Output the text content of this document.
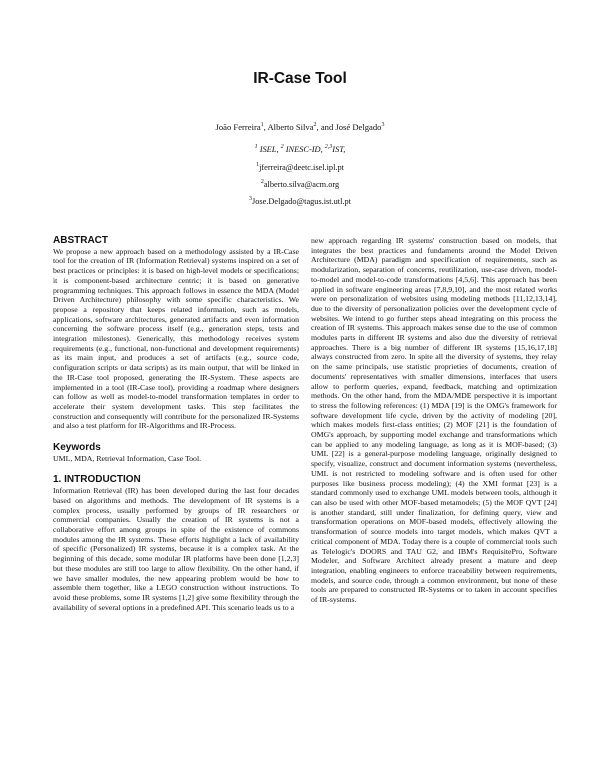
IR-Case Tool
João Ferreira$^1$, Alberto Silva$^2$, and José Delgado$^3$
$^1$ ISEL, $^2$ INESC-ID, $^{2,3}$IST,
$^1$jferreira@deetc.isel.ipl.pt
$^2$alberto.silva@acm.org
$^3$Jose.Delgado@tagus.ist.utl.pt
ABSTRACT

We propose a new approach based on a methodology assisted by a IR-Case tool for the creation of IR (Information Retrieval) systems inspired on a set of best practices or principles: it is based on high-level models or specifications; it is component-based architecture centric; it is based on generative programming techniques. This approach follows in essence the MDA (Model Driven Architecture) philosophy with some specific characteristics. We propose a repository that keeps related information, such as models, applications, software architectures, generated artifacts and even information concerning the software process itself (e.g., generation steps, tests and integration milestones). Generically, this methodology receives system requirements (e.g., functional, non-functional and development requirements) as its main input, and produces a set of artifacts (e.g., source code, configuration scripts or data scripts) as its main output, that will be linked in the IR-Case tool proposed, generating the IR-System. These aspects are implemented in a tool (IR-Case tool), providing a roadmap where designers can follow as well as model-to-model transformation templates in order to accelerate their system development tasks. This step facilitates the construction and consequently will contribute for the personalized IR-Systems and also a test platform for IR-Algorithms and IR-Process.

Keywords

UML, MDA, Retrieval Information, Case Tool.

1. INTRODUCTION

Information Retrieval (IR) has been developed during the last four decades based on algorithms and methods. The development of IR systems is a complex process, usually performed by groups of IR researchers or commercial companies. Usually the creation of IR systems is not a collaborative effort among groups in spite of the existence of commons modules among the IR systems. These efforts highlight a lack of availability of specific (Personalized) IR systems, because it is a complex task. At the beginning of this decade, some modular IR platforms have been done [1,2,3] but these modules are still too large to allow flexibility. On the other hand, if we have smaller modules, the new appearing problem would be how to assemble them together, like a LEGO construction without instructions. To avoid these problems, some IR systems [1,2] give some flexibility through the availability of several options in a predefined API. This scenario leads us to a

new approach regarding IR systems' construction based on models, that integrates the best practices and fundaments around the Model Driven Architecture (MDA) paradigm and specification of requirements, such as modularization, separation of concerns, reutilization, use-case driven, model-to-model and model-to-code transformations [4,5,6]. This approach has been applied in software engineering areas [7,8,9,10], and the most related works were on personalization of websites using modeling methods [11,12,13,14], due to the diversity of personalization policies over the development cycle of websites. We intend to go further steps ahead integrating on this process the creation of IR systems. This approach makes sense due to the use of common modules parts in different IR systems and also due the diversity of retrieval approaches. There is a big number of different IR systems [15,16,17,18] always constructed from zero. In spite all the diversity of systems, they relay on the same principals, use statistic proprieties of documents, creation of documents' representatives with smaller dimensions, interfaces that users allow to perform queries, expand, feedback, matching and optimization methods. On the other hand, from the MDA/MDE perspective it is important to stress the following references: (1) MDA [19] is the OMG's framework for software development life cycle, driven by the activity of modeling [20], which makes models first-class entities; (2) MOF [21] is the foundation of OMG's approach, by supporting model exchange and transformations which can be applied to any modeling language, as long as it is MOF-based; (3) UML [22] is a general-purpose modeling language, originally designed to specify, visualize, construct and document information systems (nevertheless, UML is not restricted to modeling software and is often used for other purposes like business process modeling); (4) the XMI format [23] is a standard commonly used to exchange UML models between tools, although it can also be used with other MOF-based metamodels; (5) the MOF QVT [24] is another standard, still under finalization, for defining query, view and transformation operations on MOF-based models, effectively allowing the transformation of source models into target models, which makes QVT a critical component of MDA. Today there is a couple of commercial tools such as Telelogic's DOORS and TAU G2, and IBM's RequisitePro, Software Modeler, and Software Architect already present a mature and deep integration, enabling engineers to enforce traceability between requirements, models, and source code, through a common environment, but none of these tools are prepared to constructed IR-Systems or to taken in account specifies of IR-systems.
